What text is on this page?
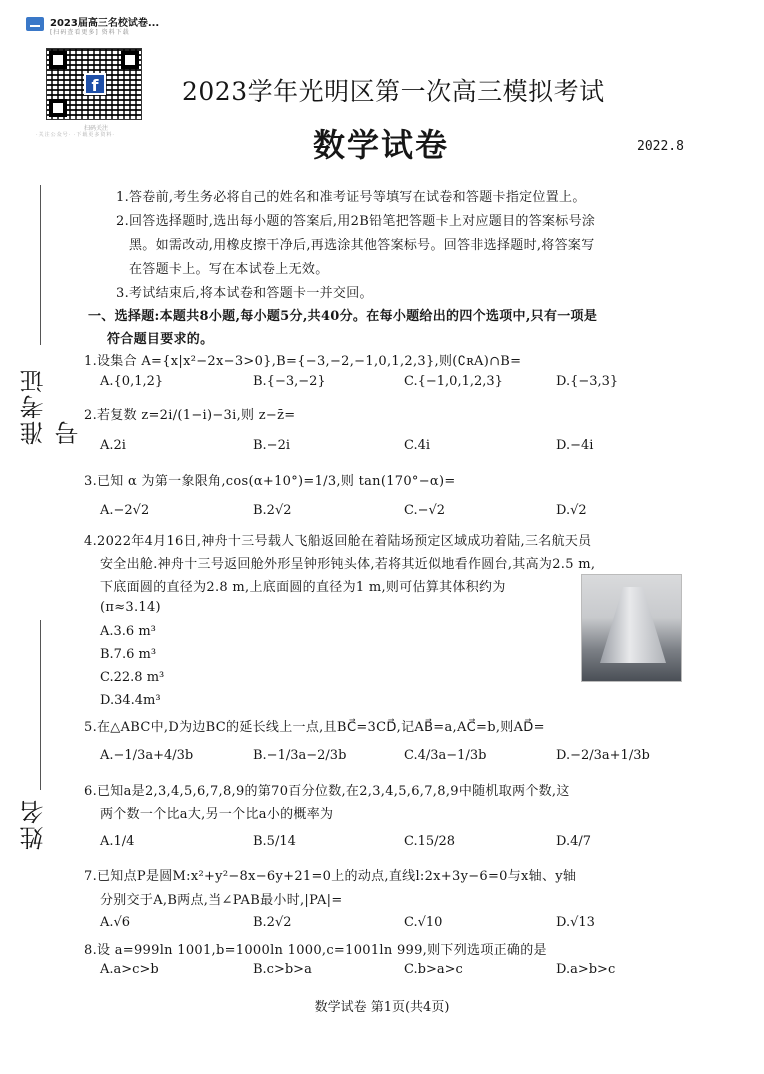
2023届高三名校试卷...
[扫码查看更多] 资料下载
f
扫码关注
·关注公众号· ·下载更多资料·
2023学年光明区第一次高三模拟考试
数学试卷	2022.8
准考证号
姓名
1.答卷前,考生务必将自己的姓名和准考证号等填写在试卷和答题卡指定位置上。
2.回答选择题时,选出每小题的答案后,用2B铅笔把答题卡上对应题目的答案标号涂
黑。如需改动,用橡皮擦干净后,再选涂其他答案标号。回答非选择题时,将答案写
在答题卡上。写在本试卷上无效。
3.考试结束后,将本试卷和答题卡一并交回。
一、选择题:本题共8小题,每小题5分,共40分。在每小题给出的四个选项中,只有一项是
符合题目要求的。
1.设集合 A={x|x²−2x−3>0},B={−3,−2,−1,0,1,2,3},则(∁ʀA)∩B=
A.{0,1,2}	B.{−3,−2}	C.{−1,0,1,2,3}	D.{−3,3}
2.若复数 z=2i/(1−i)−3i,则 z−z̄=
A.2i	B.−2i	C.4i	D.−4i
3.已知 α 为第一象限角,cos(α+10°)=1/3,则 tan(170°−α)=
A.−2√2	B.2√2	C.−√2	D.√2
4.2022年4月16日,神舟十三号载人飞船返回舱在着陆场预定区域成功着陆,三名航天员
安全出舱.神舟十三号返回舱外形呈钟形钝头体,若将其近似地看作圆台,其高为2.5 m,
下底面圆的直径为2.8 m,上底面圆的直径为1 m,则可估算其体积约为
(π≈3.14)
A.3.6 m³
B.7.6 m³
C.22.8 m³
D.34.4m³
5.在△ABC中,D为边BC的延长线上一点,且BC⃗=3CD⃗,记AB⃗=a,AC⃗=b,则AD⃗=
A.−1/3a+4/3b	B.−1/3a−2/3b	C.4/3a−1/3b	D.−2/3a+1/3b
6.已知a是2,3,4,5,6,7,8,9的第70百分位数,在2,3,4,5,6,7,8,9中随机取两个数,这
两个数一个比a大,另一个比a小的概率为
A.1/4	B.5/14	C.15/28	D.4/7
7.已知点P是圆M:x²+y²−8x−6y+21=0上的动点,直线l:2x+3y−6=0与x轴、y轴
分别交于A,B两点,当∠PAB最小时,|PA|=
A.√6	B.2√2	C.√10	D.√13
8.设 a=999ln 1001,b=1000ln 1000,c=1001ln 999,则下列选项正确的是
A.a>c>b	B.c>b>a	C.b>a>c	D.a>b>c
数学试卷 第1页(共4页)
